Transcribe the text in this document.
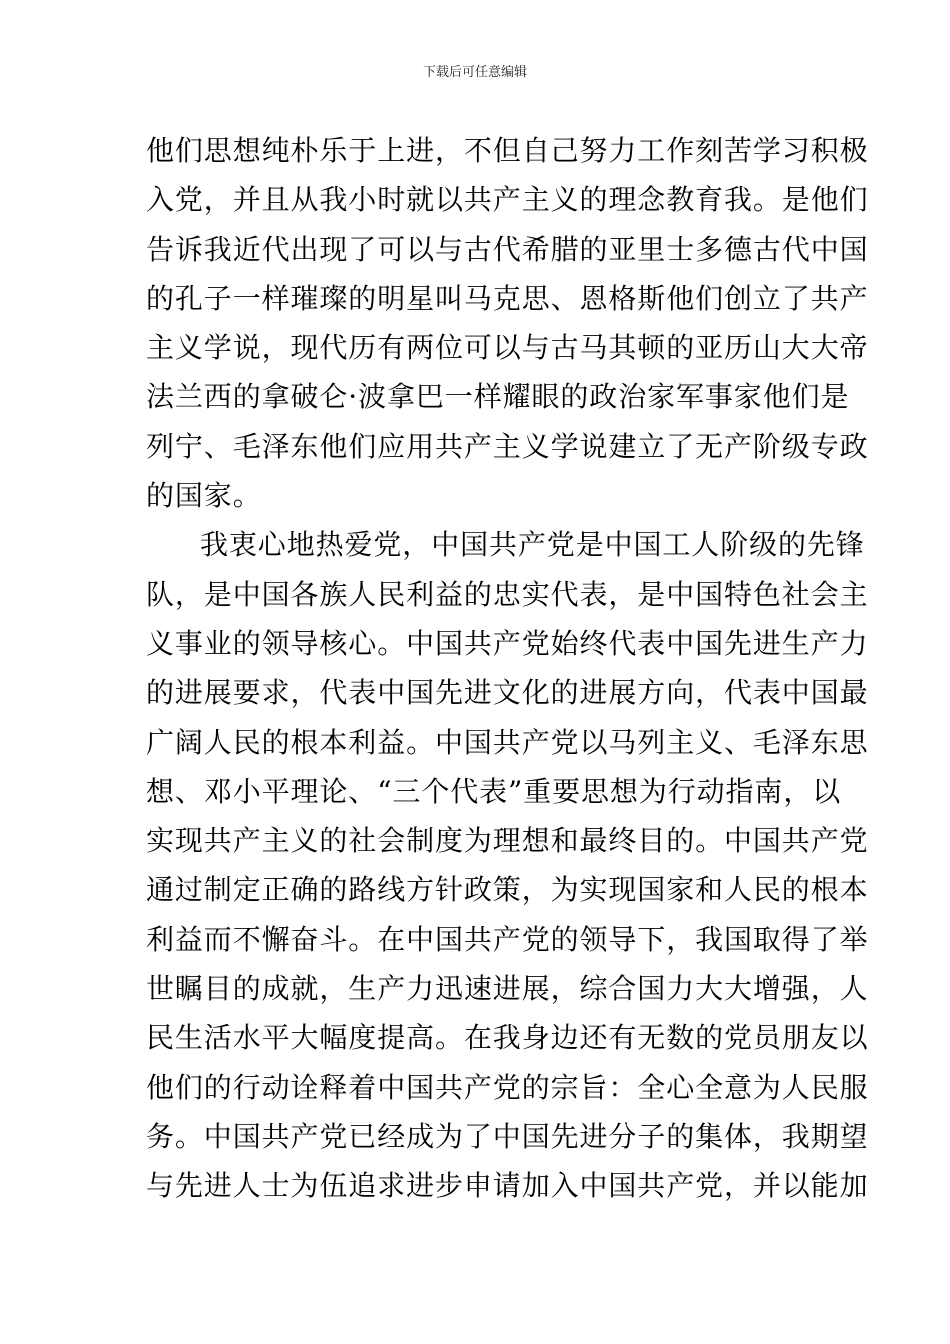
下载后可任意编辑
他们思想纯朴乐于上进，不但自己努力工作刻苦学习积极
入党，并且从我小时就以共产主义的理念教育我。是他们
告诉我近代出现了可以与古代希腊的亚里士多德古代中国
的孔子一样璀璨的明星叫马克思、恩格斯他们创立了共产
主义学说，现代历有两位可以与古马其顿的亚历山大大帝
法兰西的拿破仑·波拿巴一样耀眼的政治家军事家他们是
列宁、毛泽东他们应用共产主义学说建立了无产阶级专政
的国家。
我衷心地热爱党，中国共产党是中国工人阶级的先锋
队，是中国各族人民利益的忠实代表，是中国特色社会主
义事业的领导核心。中国共产党始终代表中国先进生产力
的进展要求，代表中国先进文化的进展方向，代表中国最
广阔人民的根本利益。中国共产党以马列主义、毛泽东思
想、邓小平理论、“三个代表”重要思想为行动指南，以
实现共产主义的社会制度为理想和最终目的。中国共产党
通过制定正确的路线方针政策，为实现国家和人民的根本
利益而不懈奋斗。在中国共产党的领导下，我国取得了举
世瞩目的成就，生产力迅速进展，综合国力大大增强，人
民生活水平大幅度提高。在我身边还有无数的党员朋友以
他们的行动诠释着中国共产党的宗旨：全心全意为人民服
务。中国共产党已经成为了中国先进分子的集体，我期望
与先进人士为伍追求进步申请加入中国共产党，并以能加
